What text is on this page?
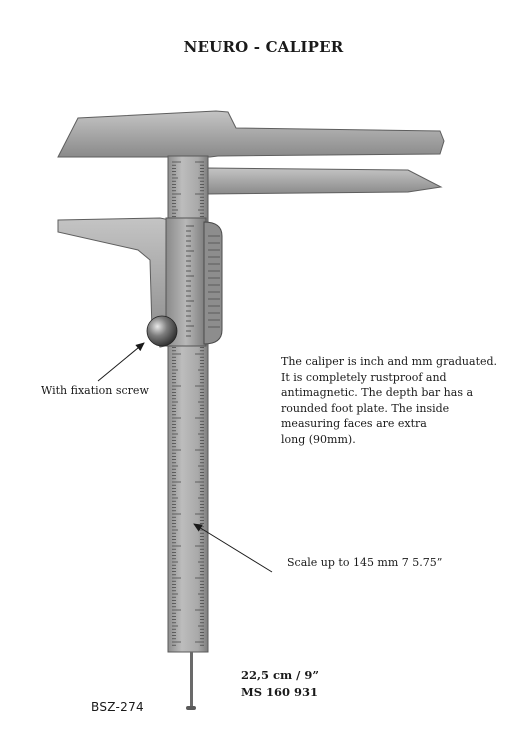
NEURO - CALIPER
The caliper is inch and mm graduated.
It is completely rustproof and
antimagnetic. The depth bar has a
rounded foot plate. The inside
measuring faces are extra
long (90mm).
With fixation screw
Scale up to 145 mm 7 5.75”
22,5 cm / 9”
MS 160 931
BSZ-274
